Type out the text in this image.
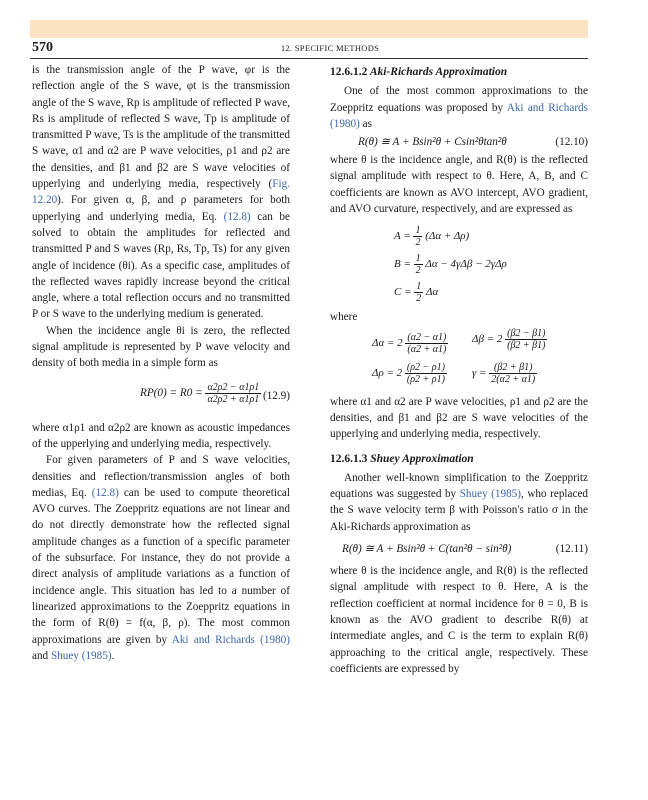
570	12. SPECIFIC METHODS

is the transmission angle of the P wave, φr is the reflection angle of the S wave, φt is the transmission angle of the S wave, Rp is amplitude of reflected P wave, Rs is amplitude of reflected S wave, Tp is amplitude of transmitted P wave, Ts is the amplitude of the transmitted S wave, α1 and α2 are P wave velocities, ρ1 and ρ2 are the densities, and β1 and β2 are S wave velocities of upperlying and underlying media, respectively (Fig. 12.20). For given α, β, and ρ parameters for both upperlying and underlying media, Eq. (12.8) can be solved to obtain the amplitudes for reflected and transmitted P and S waves (Rp, Rs, Tp, Ts) for any given angle of incidence (θi). As a specific case, amplitudes of the reflected waves rapidly increase beyond the critical angle, where a total reflection occurs and no transmitted P or S wave to the underlying medium is generated.

When the incidence angle θi is zero, the reflected signal amplitude is represented by P wave velocity and density of both media in a simple form as

$RP(0) = R0 = \frac{\alpha 2\rho 2 - \alpha 1\rho 1}{\alpha 2\rho 2 + \alpha 1\rho 1} (12.9)$

where α1ρ1 and α2ρ2 are known as acoustic impedances of the upperlying and underlying media, respectively.

For given parameters of P and S wave velocities, densities and reflection/transmission angles of both medias, Eq. (12.8) can be used to compute theoretical AVO curves. The Zoeppritz equations are not linear and do not directly demonstrate how the reflected signal amplitude changes as a function of a specific parameter of the subsurface. For instance, they do not provide a direct analysis of amplitude variations as a function of incidence angle. This situation has led to a number of linearized approximations to the Zoeppritz equations in the form of R(θ) = f(α, β, ρ). The most common approximations are given by Aki and Richards (1980) and Shuey (1985).

12.6.1.2 Aki-Richards Approximation

One of the most common approximations to the Zoeppritz equations was proposed by Aki and Richards (1980) as

R(θ) ≅ A + Bsin²θ + Csin²θtan²θ	(12.10)

where θ is the incidence angle, and R(θ) is the reflected signal amplitude with respect to θ. Here, A, B, and C coefficients are known as AVO intercept, AVO gradient, and AVO curvature, respectively, and are expressed as

$A = \frac{1}{2} (\Delta\alpha + \Delta\rho)$
$B = \frac{1}{2}$ Δα − 4γΔβ − 2γΔρ
$C = \frac{1}{2}$ Δα

where

$\Delta\alpha = 2 \frac{(\alpha 2 - \alpha 1)}{(\alpha 2 + \alpha 1)}$ $\Delta\beta = 2 \frac{(\beta 2 - \beta 1)}{(\beta 2 + \beta 1)}$
$\Delta\rho = 2 \frac{(\rho 2 - \rho 1)}{(\rho 2 + \rho 1)}$ $\gamma = \frac{(\beta 2 + \beta 1)}{2(\alpha 2 + \alpha 1)}$

where α1 and α2 are P wave velocities, ρ1 and ρ2 are the densities, and β1 and β2 are S wave velocities of the upperlying and underlying media, respectively.

12.6.1.3 Shuey Approximation

Another well-known simplification to the Zoeppritz equations was suggested by Shuey (1985), who replaced the S wave velocity term β with Poisson's ratio σ in the Aki-Richards approximation as

R(θ) ≅ A + Bsin²θ + C(tan²θ − sin²θ)	(12.11)

where θ is the incidence angle, and R(θ) is the reflected signal amplitude with respect to θ. Here, A is the reflection coefficient at normal incidence for θ = 0, B is known as the AVO gradient to describe R(θ) at intermediate angles, and C is the term to explain R(θ) approaching to the critical angle, respectively. These coefficients are expressed by
